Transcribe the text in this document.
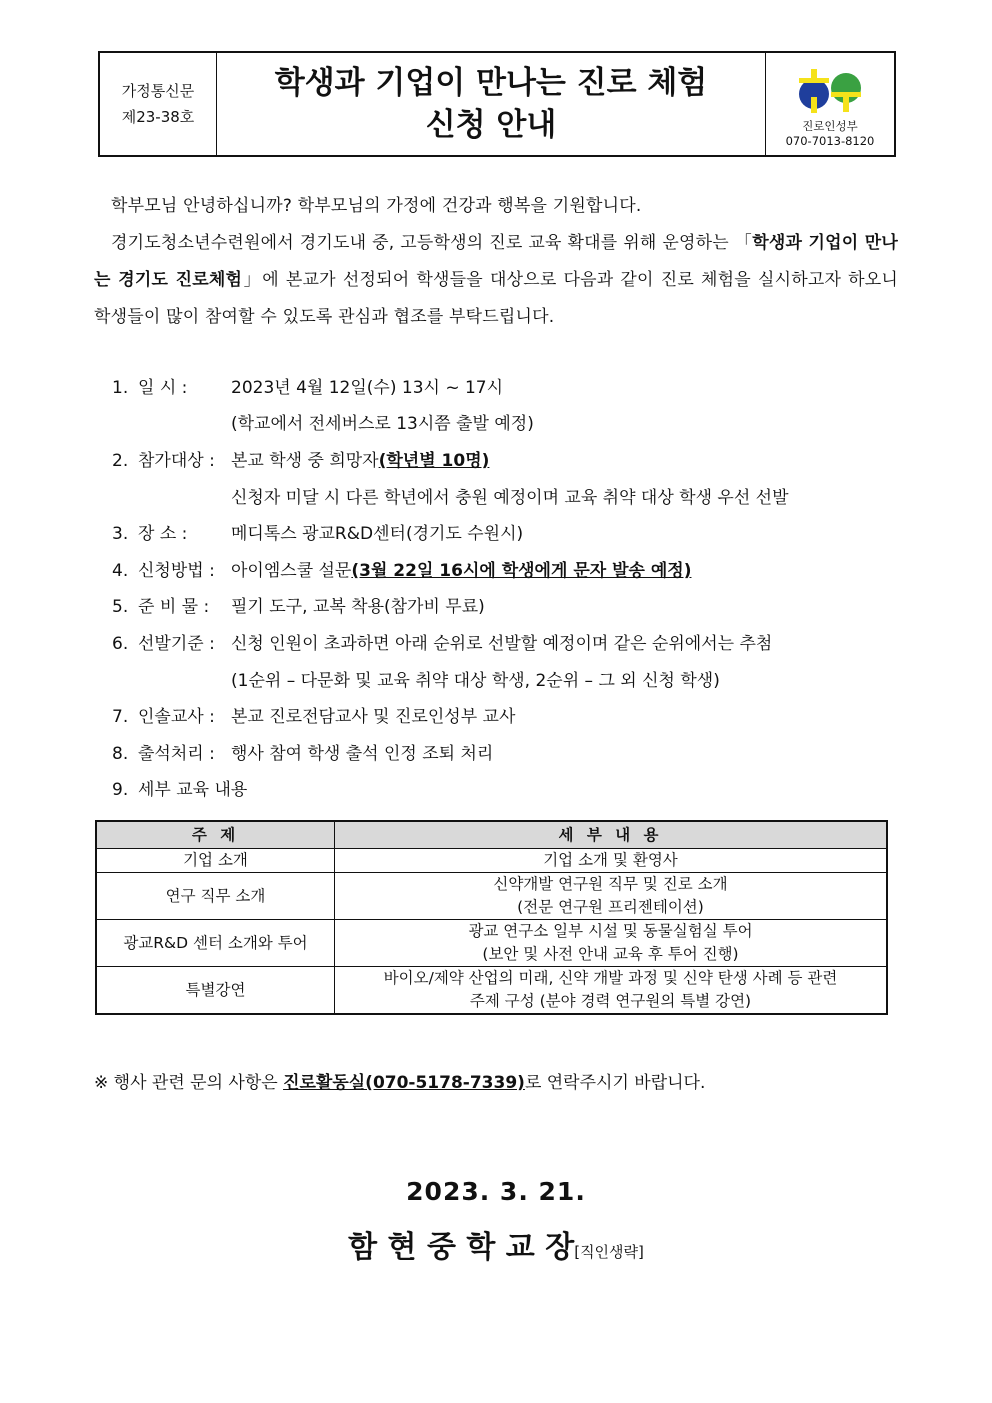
가정통신문
제23-38호
학생과 기업이 만나는 진로 체험
신청 안내	진로인성부
070-7013-8120
학부모님 안녕하십니까? 학부모님의 가정에 건강과 행복을 기원합니다.
경기도청소년수련원에서 경기도내 중, 고등학생의 진로 교육 확대를 위해 운영하는 「학생과 기업이 만나는 경기도 진로체험」에 본교가 선정되어 학생들을 대상으로 다음과 같이 진로 체험을 실시하고자 하오니 학생들이 많이 참여할 수 있도록 관심과 협조를 부탁드립니다.
1. 일 시 :	2023년 4월 12일(수) 13시 ~ 17시
(학교에서 전세버스로 13시쯤 출발 예정)
2. 참가대상 : 본교 학생 중 희망자(학년별 10명)
신청자 미달 시 다른 학년에서 충원 예정이며 교육 취약 대상 학생 우선 선발
3. 장 소 :	메디톡스 광교R&D센터(경기도 수원시)
4. 신청방법 : 아이엠스쿨 설문(3월 22일 16시에 학생에게 문자 발송 예정)
5. 준 비 물 : 필기 도구, 교복 착용(참가비 무료)
6. 선발기준 : 신청 인원이 초과하면 아래 순위로 선발할 예정이며 같은 순위에서는 추첨
(1순위 – 다문화 및 교육 취약 대상 학생, 2순위 – 그 외 신청 학생)
7. 인솔교사 : 본교 진로전담교사 및 진로인성부 교사
8. 출석처리 : 행사 참여 학생 출석 인정 조퇴 처리
9. 세부 교육 내용
주 제	세 부 내 용
기업 소개	기업 소개 및 환영사

연구 직무 소개	신약개발 연구원 직무 및 진로 소개
(전문 연구원 프리젠테이션)

광교R&D 센터 소개와 투어	광교 연구소 일부 시설 및 동물실험실 투어
(보안 및 사전 안내 교육 후 투어 진행)

특별강연	바이오/제약 산업의 미래, 신약 개발 과정 및 신약 탄생 사례 등 관련
주제 구성 (분야 경력 연구원의 특별 강연)
※ 행사 관련 문의 사항은 진로활동실(070-5178-7339)로 연락주시기 바랍니다.
2023. 3. 21.
함 현 중 학 교 장[직인생략]
